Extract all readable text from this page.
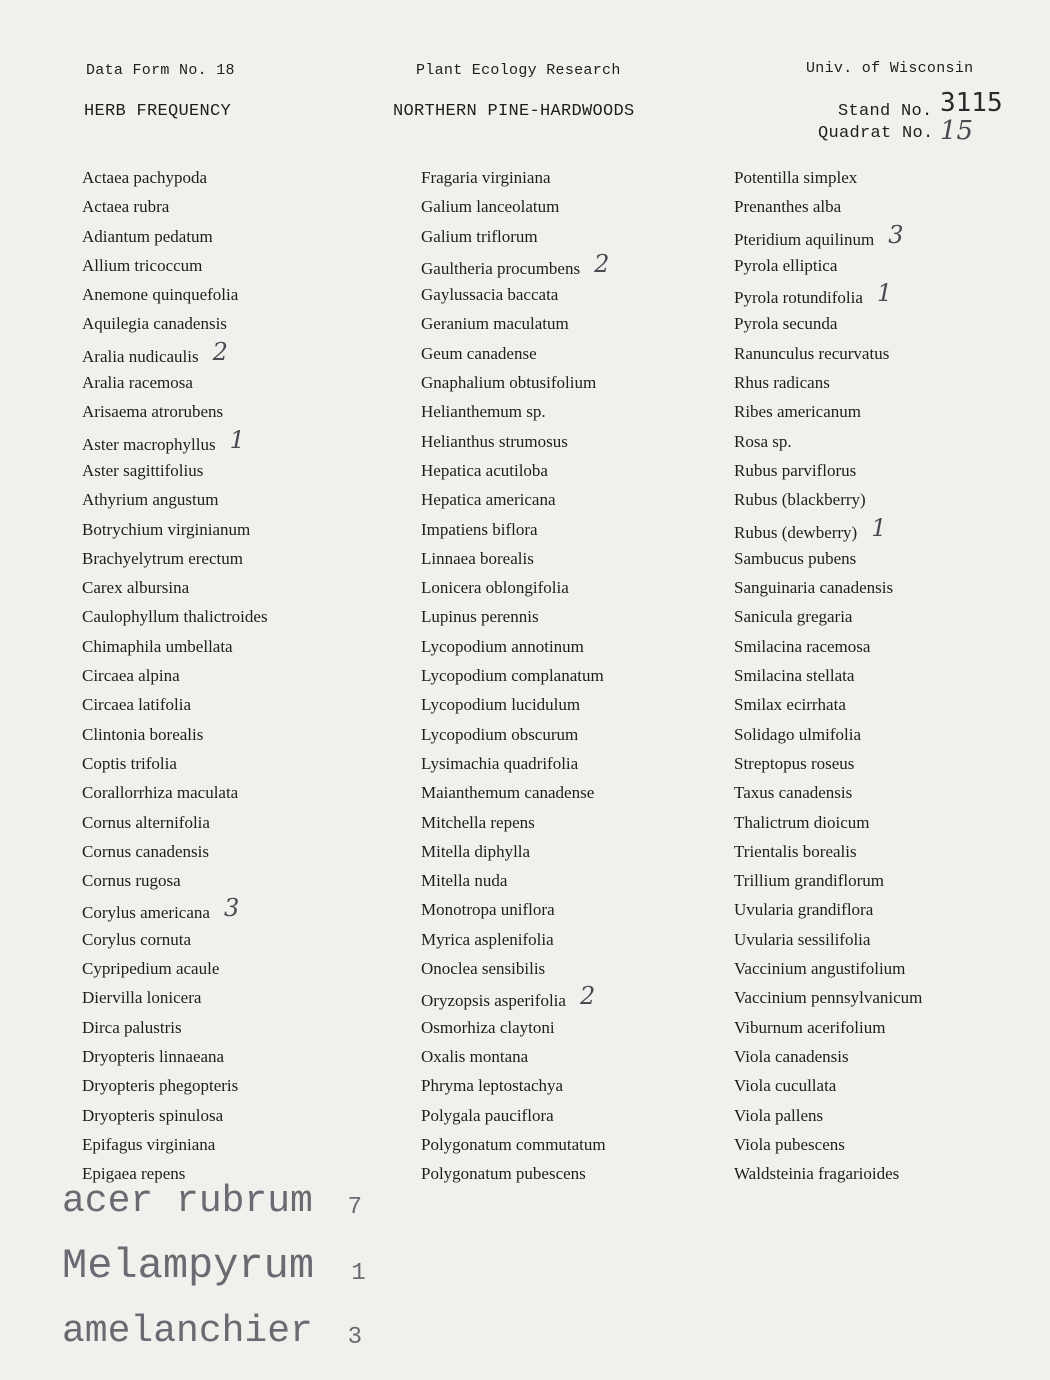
Data Form No. 18	Plant Ecology Research	Univ. of Wisconsin
HERB FREQUENCY	NORTHERN PINE-HARDWOODS	Stand No. 3115
Quadrat No. 15
Actaea pachypoda
Actaea rubra
Adiantum pedatum
Allium tricoccum
Anemone quinquefolia
Aquilegia canadensis
Aralia nudicaulis 2
Aralia racemosa
Arisaema atrorubens
Aster macrophyllus 1
Aster sagittifolius
Athyrium angustum
Botrychium virginianum
Brachyelytrum erectum
Carex albursina
Caulophyllum thalictroides
Chimaphila umbellata
Circaea alpina
Circaea latifolia
Clintonia borealis
Coptis trifolia
Corallorrhiza maculata
Cornus alternifolia
Cornus canadensis
Cornus rugosa
Corylus americana 3
Corylus cornuta
Cypripedium acaule
Diervilla lonicera
Dirca palustris
Dryopteris linnaeana
Dryopteris phegopteris
Dryopteris spinulosa
Epifagus virginiana
Epigaea repens
Fragaria virginiana
Galium lanceolatum
Galium triflorum
Gaultheria procumbens 2
Gaylussacia baccata
Geranium maculatum
Geum canadense
Gnaphalium obtusifolium
Helianthemum sp.
Helianthus strumosus
Hepatica acutiloba
Hepatica americana
Impatiens biflora
Linnaea borealis
Lonicera oblongifolia
Lupinus perennis
Lycopodium annotinum
Lycopodium complanatum
Lycopodium lucidulum
Lycopodium obscurum
Lysimachia quadrifolia
Maianthemum canadense
Mitchella repens
Mitella diphylla
Mitella nuda
Monotropa uniflora
Myrica asplenifolia
Onoclea sensibilis
Oryzopsis asperifolia 2
Osmorhiza claytoni
Oxalis montana
Phryma leptostachya
Polygala pauciflora
Polygonatum commutatum
Polygonatum pubescens
Potentilla simplex
Prenanthes alba
Pteridium aquilinum 3
Pyrola elliptica
Pyrola rotundifolia 1
Pyrola secunda
Ranunculus recurvatus
Rhus radicans
Ribes americanum
Rosa sp.
Rubus parviflorus
Rubus (blackberry)
Rubus (dewberry) 1
Sambucus pubens
Sanguinaria canadensis
Sanicula gregaria
Smilacina racemosa
Smilacina stellata
Smilax ecirrhata
Solidago ulmifolia
Streptopus roseus
Taxus canadensis
Thalictrum dioicum
Trientalis borealis
Trillium grandiflorum
Uvularia grandiflora
Uvularia sessilifolia
Vaccinium angustifolium
Vaccinium pennsylvanicum
Viburnum acerifolium
Viola canadensis
Viola cucullata
Viola pallens
Viola pubescens
Waldsteinia fragarioides
acer rubrum 7
Melampyrum 1
amelanchier 3
